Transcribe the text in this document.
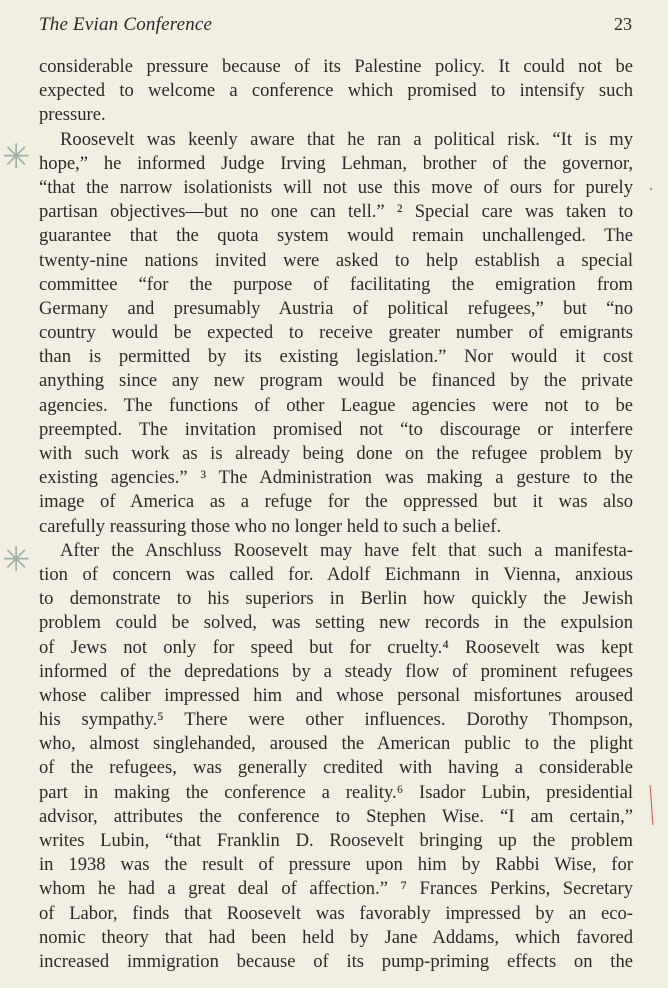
The Evian Conference	23
✳
✳
considerable pressure because of its Palestine policy. It could not be
expected to welcome a conference which promised to intensify such
pressure.
Roosevelt was keenly aware that he ran a political risk. “It is my
hope,” he informed Judge Irving Lehman, brother of the governor,
“that the narrow isolationists will not use this move of ours for purely
partisan objectives—but no one can tell.” ² Special care was taken to
guarantee that the quota system would remain unchallenged. The
twenty-nine nations invited were asked to help establish a special
committee “for the purpose of facilitating the emigration from
Germany and presumably Austria of political refugees,” but “no
country would be expected to receive greater number of emigrants
than is permitted by its existing legislation.” Nor would it cost
anything since any new program would be financed by the private
agencies. The functions of other League agencies were not to be
preempted. The invitation promised not “to discourage or interfere
with such work as is already being done on the refugee problem by
existing agencies.” ³ The Administration was making a gesture to the
image of America as a refuge for the oppressed but it was also
carefully reassuring those who no longer held to such a belief.
After the Anschluss Roosevelt may have felt that such a manifesta-
tion of concern was called for. Adolf Eichmann in Vienna, anxious
to demonstrate to his superiors in Berlin how quickly the Jewish
problem could be solved, was setting new records in the expulsion
of Jews not only for speed but for cruelty.⁴ Roosevelt was kept
informed of the depredations by a steady flow of prominent refugees
whose caliber impressed him and whose personal misfortunes aroused
his sympathy.⁵ There were other influences. Dorothy Thompson,
who, almost singlehanded, aroused the American public to the plight
of the refugees, was generally credited with having a considerable
part in making the conference a reality.⁶ Isador Lubin, presidential
advisor, attributes the conference to Stephen Wise. “I am certain,”
writes Lubin, “that Franklin D. Roosevelt bringing up the problem
in 1938 was the result of pressure upon him by Rabbi Wise, for
whom he had a great deal of affection.” ⁷ Frances Perkins, Secretary
of Labor, finds that Roosevelt was favorably impressed by an eco-
nomic theory that had been held by Jane Addams, which favored
increased immigration because of its pump-priming effects on the
